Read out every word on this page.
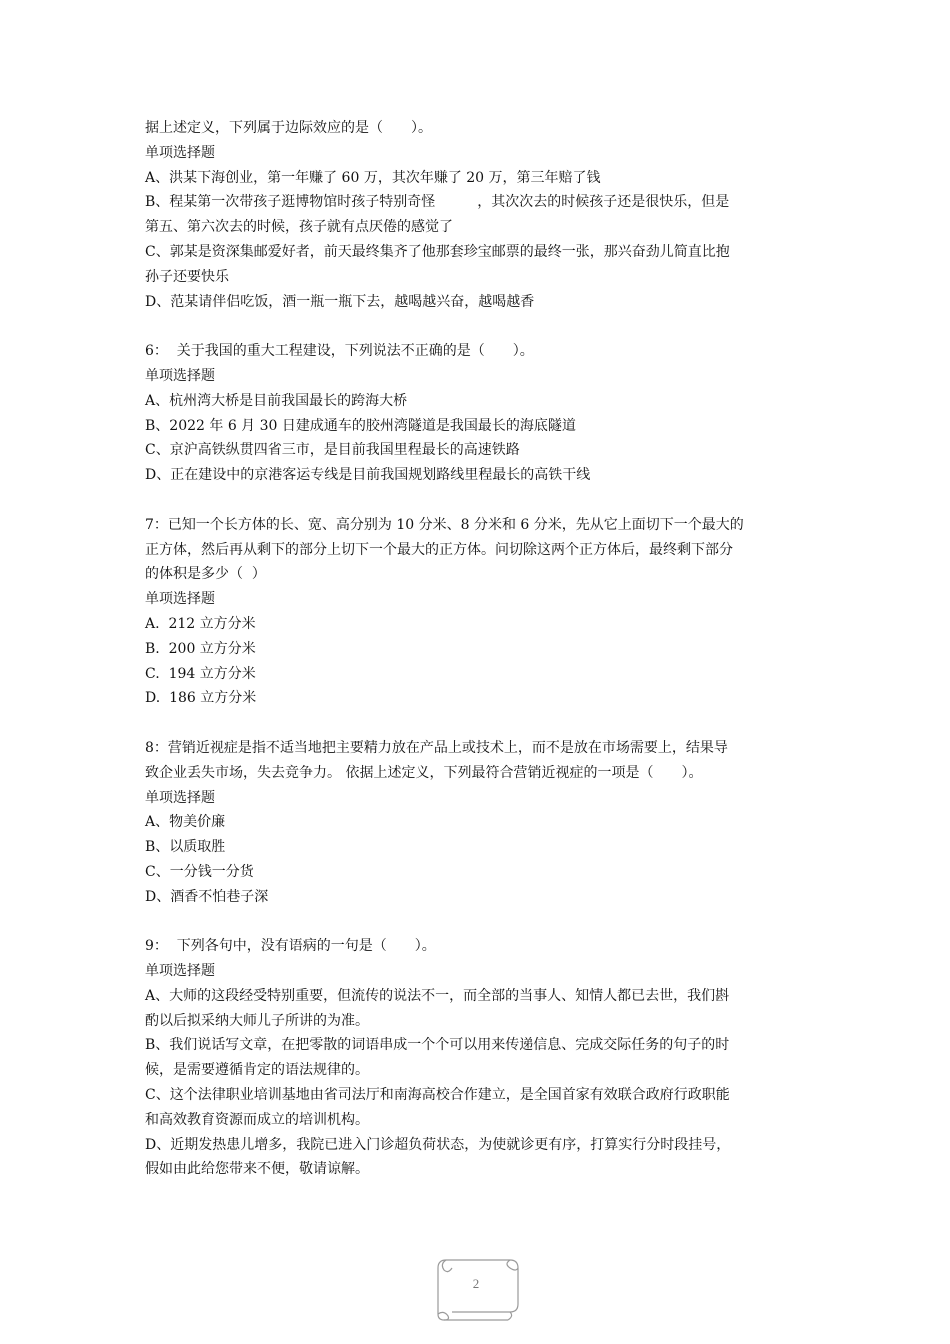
据上述定义，下列属于边际效应的是（　　）。
单项选择题
A、洪某下海创业，第一年赚了 60 万，其次年赚了 20 万，第三年赔了钱
B、程某第一次带孩子逛博物馆时孩子特别奇怪　　　，其次次去的时候孩子还是很快乐，但是
第五、第六次去的时候，孩子就有点厌倦的感觉了
C、郭某是资深集邮爱好者，前天最终集齐了他那套珍宝邮票的最终一张，那兴奋劲儿简直比抱
孙子还要快乐
D、范某请伴侣吃饭，酒一瓶一瓶下去，越喝越兴奋，越喝越香
6：  关于我国的重大工程建设，下列说法不正确的是（　　）。
单项选择题
A、杭州湾大桥是目前我国最长的跨海大桥
B、2022 年 6 月 30 日建成通车的胶州湾隧道是我国最长的海底隧道
C、京沪高铁纵贯四省三市，是目前我国里程最长的高速铁路
D、正在建设中的京港客运专线是目前我国规划路线里程最长的高铁干线
7：已知一个长方体的长、宽、高分别为 10 分米、8 分米和 6 分米，先从它上面切下一个最大的
正方体，然后再从剩下的部分上切下一个最大的正方体。问切除这两个正方体后，最终剩下部分
的体积是多少（  ）
单项选择题
A.  212 立方分米
B.  200 立方分米
C.  194 立方分米
D.  186 立方分米
8：营销近视症是指不适当地把主要精力放在产品上或技术上，而不是放在市场需要上，结果导
致企业丢失市场，失去竞争力。 依据上述定义，下列最符合营销近视症的一项是（　　）。
单项选择题
A、物美价廉
B、以质取胜
C、一分钱一分货
D、酒香不怕巷子深
9：  下列各句中，没有语病的一句是（　　）。
单项选择题
A、大师的这段经受特别重要，但流传的说法不一，而全部的当事人、知情人都已去世，我们斟
酌以后拟采纳大师儿子所讲的为准。
B、我们说话写文章，在把零散的词语串成一个个可以用来传递信息、完成交际任务的句子的时
候，是需要遵循肯定的语法规律的。
C、这个法律职业培训基地由省司法厅和南海高校合作建立，是全国首家有效联合政府行政职能
和高效教育资源而成立的培训机构。
D、近期发热患儿增多，我院已进入门诊超负荷状态，为使就诊更有序，打算实行分时段挂号，
假如由此给您带来不便，敬请谅解。
2
